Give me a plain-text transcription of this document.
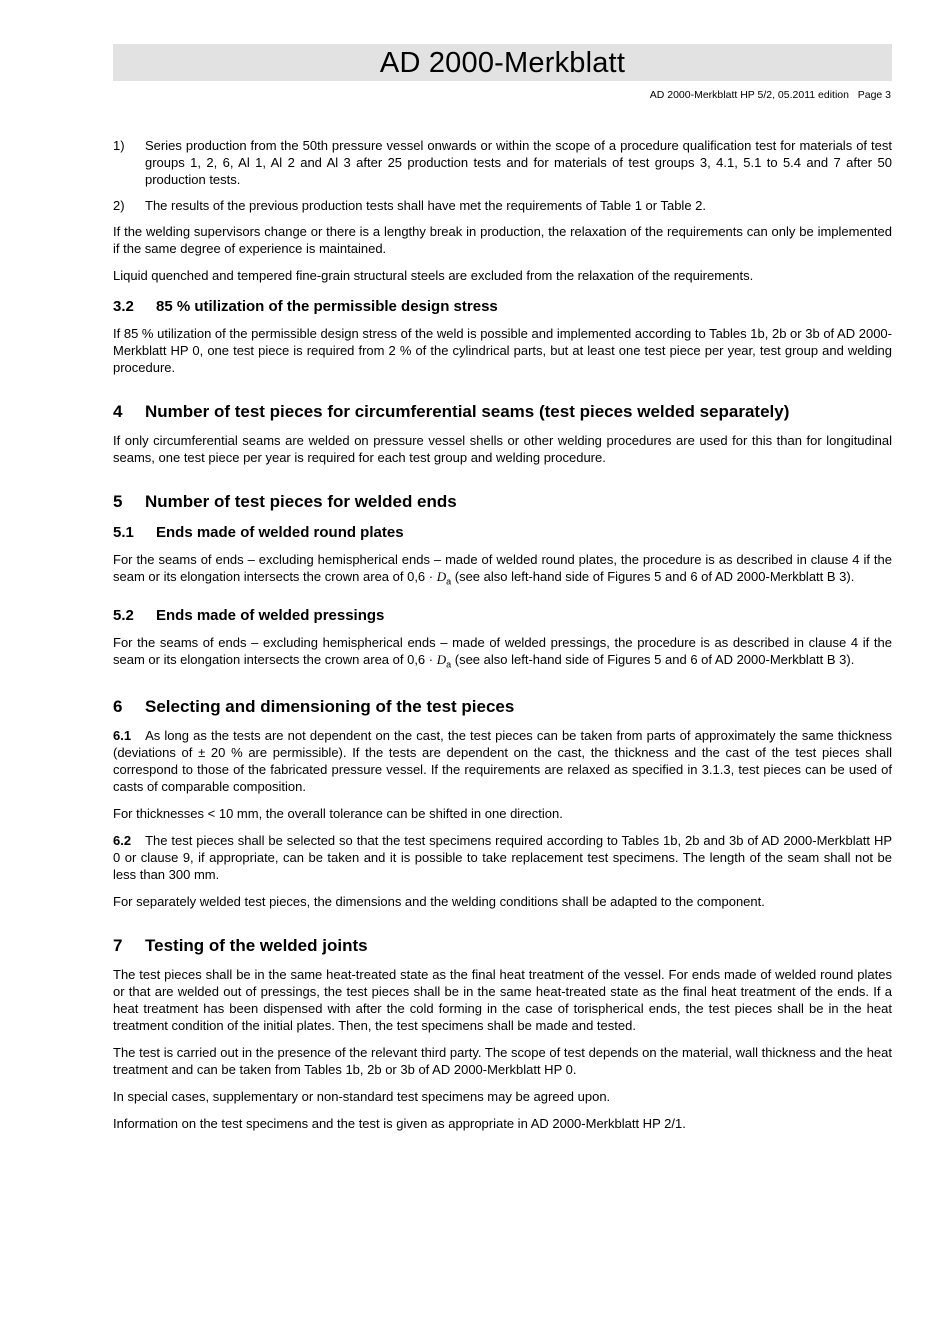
AD 2000-Merkblatt
AD 2000-Merkblatt HP 5/2, 05.2011 edition   Page 3
1)	Series production from the 50th pressure vessel onwards or within the scope of a procedure qualification test for materials of test groups 1, 2, 6, Al 1, Al 2 and Al 3 after 25 production tests and for materials of test groups 3, 4.1, 5.1 to 5.4 and 7 after 50 production tests.
2)	The results of the previous production tests shall have met the requirements of Table 1 or Table 2.

If the welding supervisors change or there is a lengthy break in production, the relaxation of the requirements can only be implemented if the same degree of experience is maintained.

Liquid quenched and tempered fine-grain structural steels are excluded from the relaxation of the requirements.

3.2	85 % utilization of the permissible design stress

If 85 % utilization of the permissible design stress of the weld is possible and implemented according to Tables 1b, 2b or 3b of AD 2000-Merkblatt HP 0, one test piece is required from 2 % of the cylindrical parts, but at least one test piece per year, test group and welding procedure.

4	Number of test pieces for circumferential seams (test pieces welded separately)

If only circumferential seams are welded on pressure vessel shells or other welding procedures are used for this than for longitudinal seams, one test piece per year is required for each test group and welding procedure.

5	Number of test pieces for welded ends
5.1	Ends made of welded round plates

For the seams of ends – excluding hemispherical ends – made of welded round plates, the procedure is as described in clause 4 if the seam or its elongation intersects the crown area of $0,6 \cdot D_a$ (see also left-hand side of Figures 5 and 6 of AD 2000-Merkblatt B 3).

5.2	Ends made of welded pressings

For the seams of ends – excluding hemispherical ends – made of welded pressings, the procedure is as described in clause 4 if the seam or its elongation intersects the crown area of $0,6 \cdot D_a$ (see also left-hand side of Figures 5 and 6 of AD 2000-Merkblatt B 3).

6	Selecting and dimensioning of the test pieces

6.1 As long as the tests are not dependent on the cast, the test pieces can be taken from parts of approximately the same thickness (deviations of ± 20 % are permissible). If the tests are dependent on the cast, the thickness and the cast of the test pieces shall correspond to those of the fabricated pressure vessel. If the requirements are relaxed as specified in 3.1.3, test pieces can be used of casts of comparable composition.

For thicknesses < 10 mm, the overall tolerance can be shifted in one direction.

6.2 The test pieces shall be selected so that the test specimens required according to Tables 1b, 2b and 3b of AD 2000-Merkblatt HP 0 or clause 9, if appropriate, can be taken and it is possible to take replacement test specimens. The length of the seam shall not be less than 300 mm.

For separately welded test pieces, the dimensions and the welding conditions shall be adapted to the component.

7	Testing of the welded joints

The test pieces shall be in the same heat-treated state as the final heat treatment of the vessel. For ends made of welded round plates or that are welded out of pressings, the test pieces shall be in the same heat-treated state as the final heat treatment of the ends. If a heat treatment has been dispensed with after the cold forming in the case of torispherical ends, the test pieces shall be in the heat treatment condition of the initial plates. Then, the test specimens shall be made and tested.

The test is carried out in the presence of the relevant third party. The scope of test depends on the material, wall thickness and the heat treatment and can be taken from Tables 1b, 2b or 3b of AD 2000-Merkblatt HP 0.

In special cases, supplementary or non-standard test specimens may be agreed upon.

Information on the test specimens and the test is given as appropriate in AD 2000-Merkblatt HP 2/1.
